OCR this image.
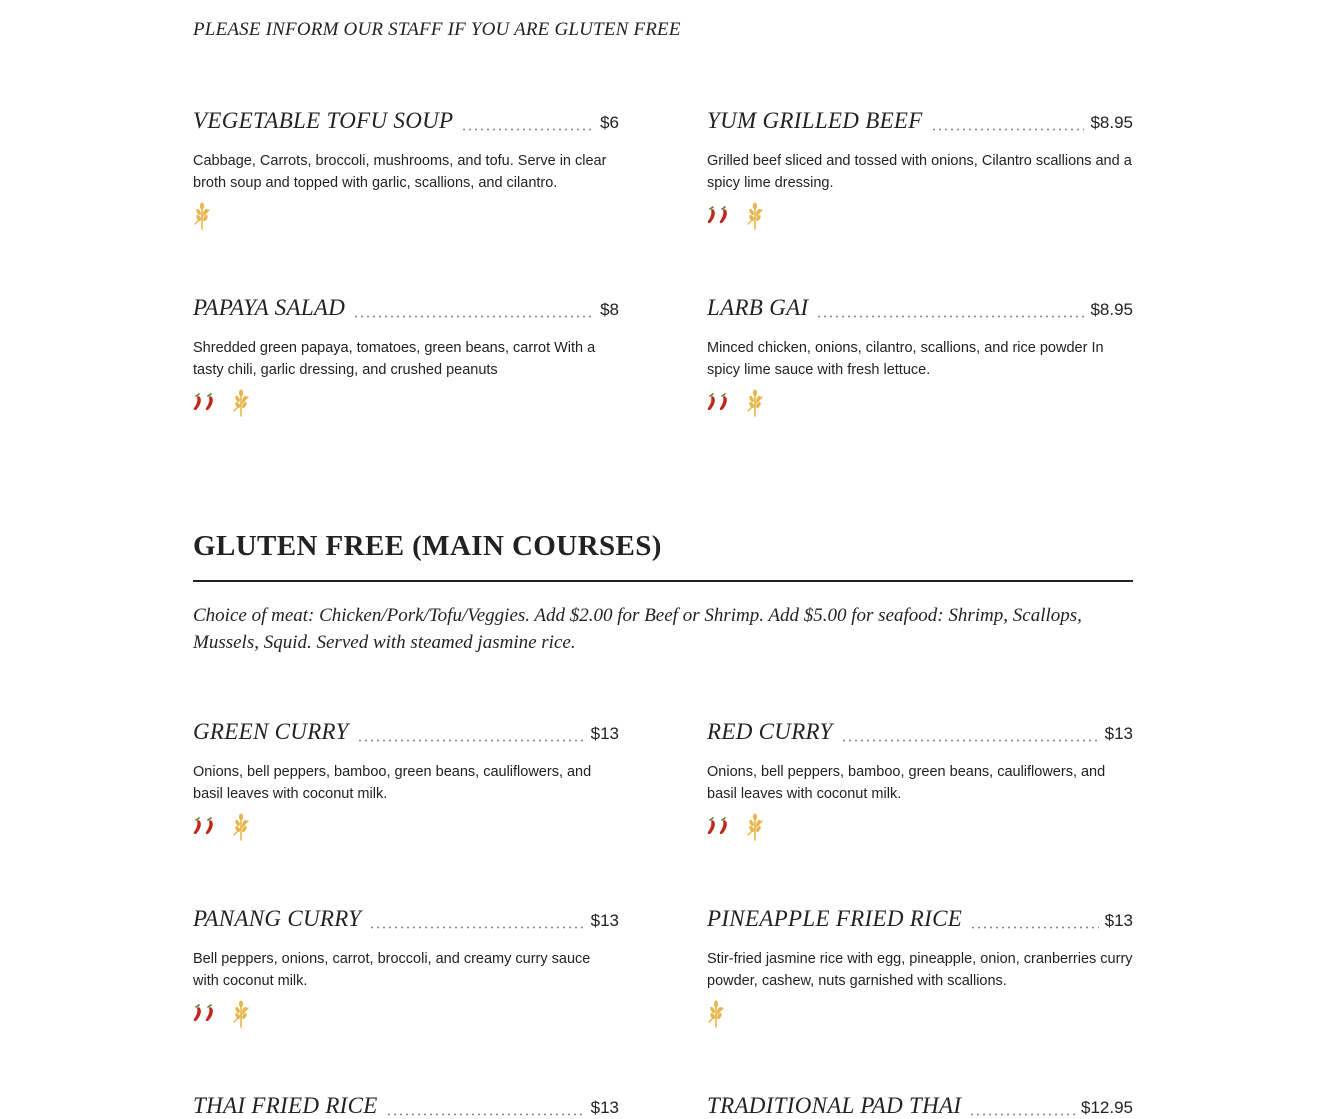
PLEASE INFORM OUR STAFF IF YOU ARE GLUTEN FREE

VEGETABLE TOFU SOUP	$6

Cabbage, Carrots, broccoli, mushrooms, and tofu. Serve in clear broth soup and topped with garlic, scallions, and cilantro.

YUM GRILLED BEEF	$8.95

Grilled beef sliced and tossed with onions, Cilantro scallions and a spicy lime dressing.

PAPAYA SALAD	$8

Shredded green papaya, tomatoes, green beans, carrot With a tasty chili, garlic dressing, and crushed peanuts

LARB GAI	$8.95

Minced chicken, onions, cilantro, scallions, and rice powder In spicy lime sauce with fresh lettuce.

GLUTEN FREE (MAIN COURSES)

Choice of meat: Chicken/Pork/Tofu/Veggies. Add $2.00 for Beef or Shrimp. Add $5.00 for seafood: Shrimp, Scallops, Mussels, Squid. Served with steamed jasmine rice.

GREEN CURRY	$13

Onions, bell peppers, bamboo, green beans, cauliflowers, and basil leaves with coconut milk.

RED CURRY	$13

Onions, bell peppers, bamboo, green beans, cauliflowers, and basil leaves with coconut milk.

PANANG CURRY	$13

Bell peppers, onions, carrot, broccoli, and creamy curry sauce with coconut milk.

PINEAPPLE FRIED RICE	$13

Stir-fried jasmine rice with egg, pineapple, onion, cranberries curry powder, cashew, nuts garnished with scallions.

THAI FRIED RICE	$13	TRADITIONAL PAD THAI	$12.95
